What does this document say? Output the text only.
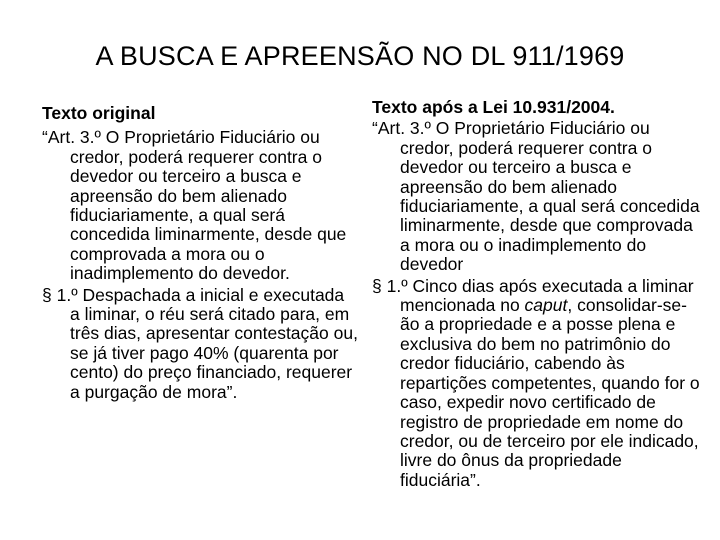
A BUSCA E APREENSÃO NO DL 911/1969
Texto original
“Art. 3.º O Proprietário Fiduciário ou credor, poderá requerer contra o devedor ou terceiro a busca e apreensão do bem alienado fiduciariamente, a qual será concedida liminarmente, desde que comprovada a mora ou o inadimplemento do devedor.
§ 1.º Despachada a inicial e executada a liminar, o réu será citado para, em três dias, apresentar contestação ou, se já tiver pago 40% (quarenta por cento) do preço financiado, requerer a purgação de mora”.
Texto após a Lei 10.931/2004.
“Art. 3.º O Proprietário Fiduciário ou credor, poderá requerer contra o devedor ou terceiro a busca e apreensão do bem alienado fiduciariamente, a qual será concedida liminarmente, desde que comprovada a mora ou o inadimplemento do devedor
§ 1.º Cinco dias após executada a liminar mencionada no caput, consolidar-se-ão a propriedade e a posse plena e exclusiva do bem no patrimônio do credor fiduciário, cabendo às repartições competentes, quando for o caso, expedir novo certificado de registro de propriedade em nome do credor, ou de terceiro por ele indicado, livre do ônus da propriedade fiduciária”.
